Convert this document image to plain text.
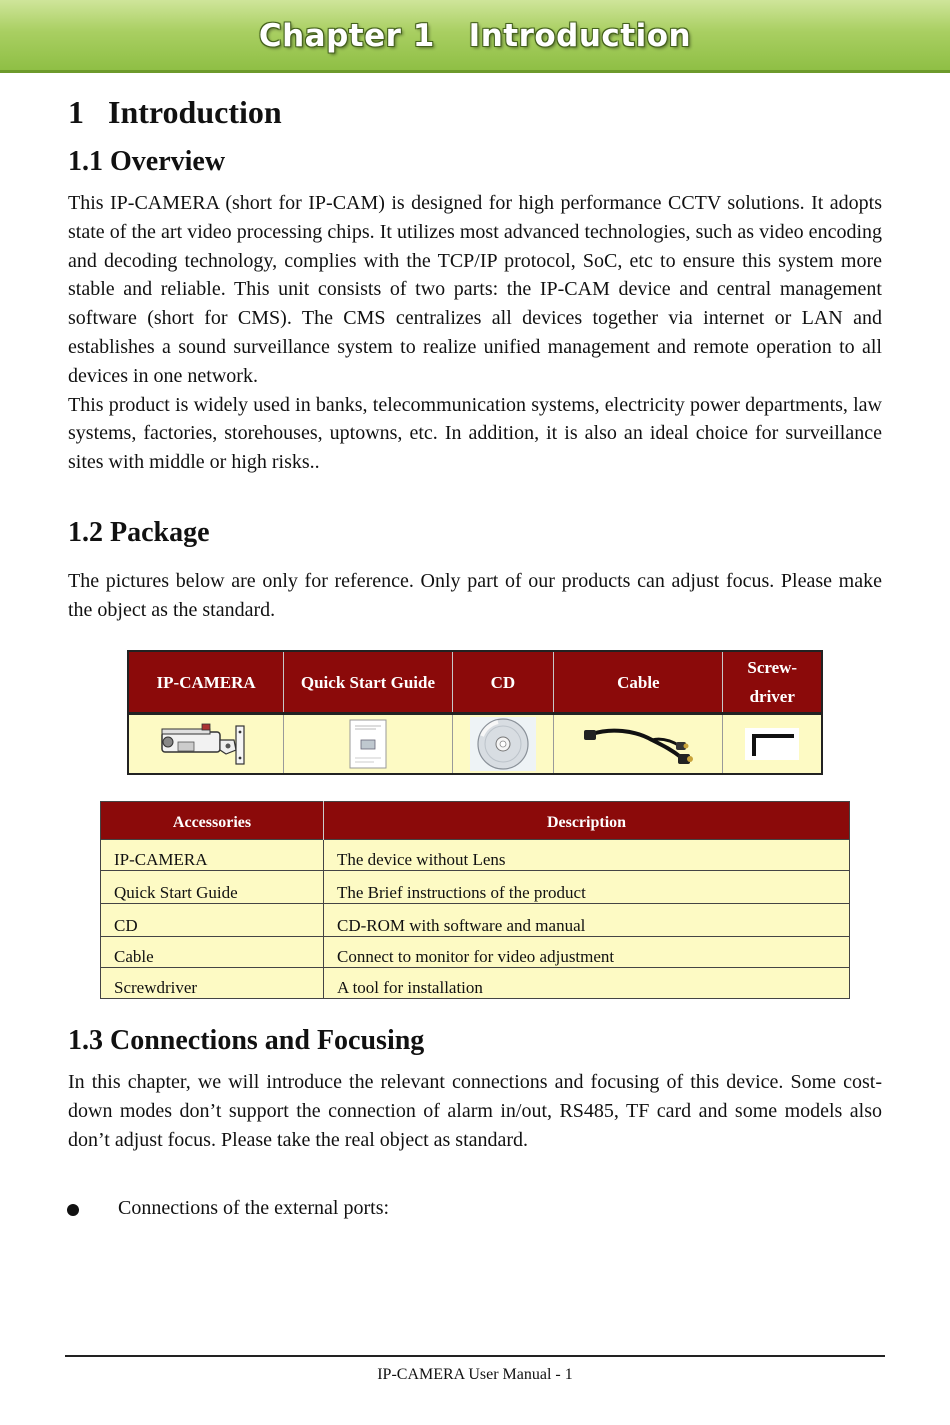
Chapter 1   Introduction
1   Introduction
1.1 Overview

This IP-CAMERA (short for IP-CAM) is designed for high performance CCTV solutions. It adopts state of the art video processing chips. It utilizes most advanced technologies, such as video encoding and decoding technology, complies with the TCP/IP protocol, SoC, etc to ensure this system more stable and reliable. This unit consists of two parts: the IP-CAM device and central management software (short for CMS). The CMS centralizes all devices together via internet or LAN and establishes a sound surveillance system to realize unified management and remote operation to all devices in one network.

This product is widely used in banks, telecommunication systems, electricity power departments, law systems, factories, storehouses, uptowns, etc. In addition, it is also an ideal choice for surveillance sites with middle or high risks..

1.2 Package

The pictures below are only for reference. Only part of our products can adjust focus. Please make the object as the standard.

IP-CAMERA	Quick Start Guide	CD	Cable	Screw-driver

Accessories	Description
IP-CAMERA	The device without Lens
Quick Start Guide	The Brief instructions of the product
CD	CD-ROM with software and manual
Cable	Connect to monitor for video adjustment
Screwdriver	A tool for installation
1.3 Connections and Focusing

In this chapter, we will introduce the relevant connections and focusing of this device. Some cost-down modes don’t support the connection of alarm in/out, RS485, TF card and some models also don’t adjust focus. Please take the real object as standard.

Connections of the external ports:
IP-CAMERA User Manual - 1
